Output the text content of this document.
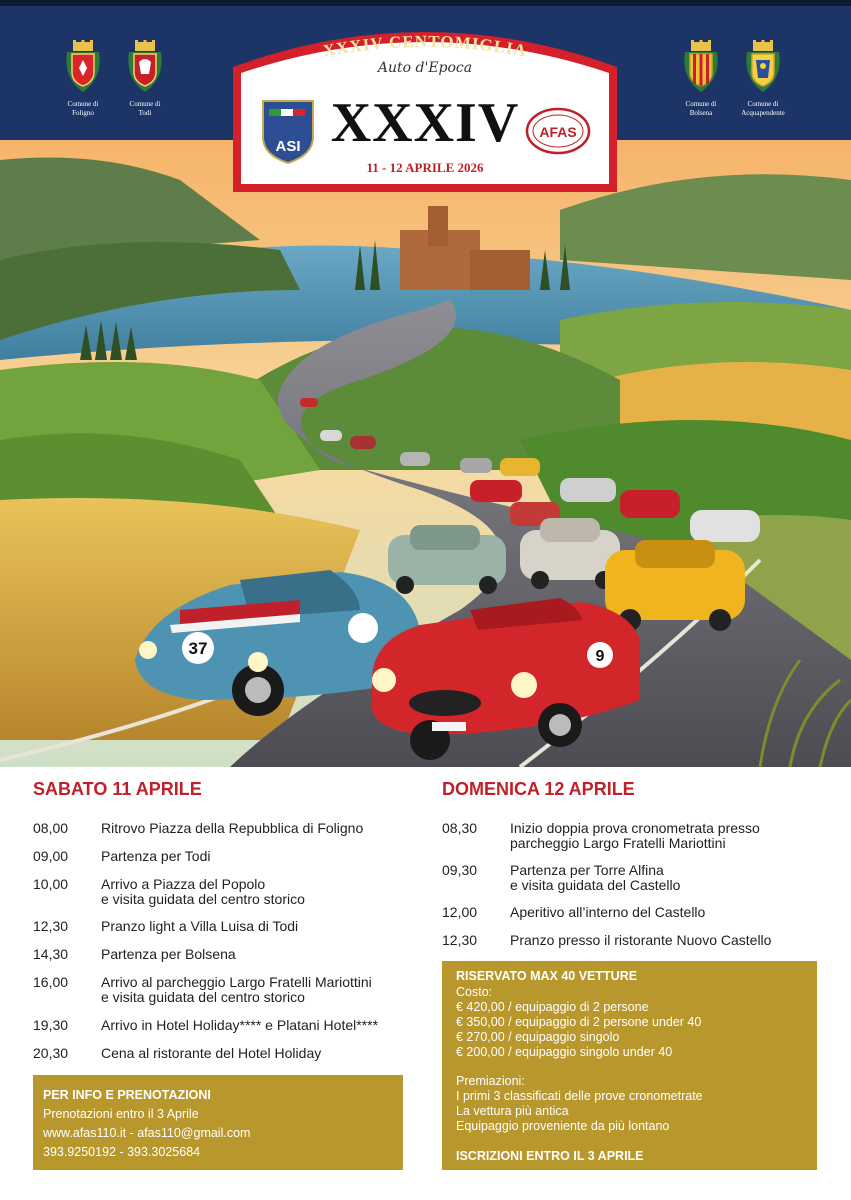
Comune di
Foligno
Comune di
Todi
Comune di
Bolsena
Comune di
Acquapendente
37	9
XXXIV CENTOMIGLIA
ASI
AFAS
Auto d'Epoca
XXXIV
11 - 12 APRILE 2026
SABATO 11 APRILE
08,00 Ritrovo Piazza della Repubblica di Foligno
09,00 Partenza per Todi
10,00 Arrivo a Piazza del Popolo
e visita guidata del centro storico
12,30 Pranzo light a Villa Luisa di Todi
14,30 Partenza per Bolsena
16,00 Arrivo al parcheggio Largo Fratelli Mariottini
e visita guidata del centro storico
19,30 Arrivo in Hotel Holiday**** e Platani Hotel****
20,30 Cena al ristorante del Hotel Holiday
DOMENICA 12 APRILE
08,30 Inizio doppia prova cronometrata presso
parcheggio Largo Fratelli Mariottini
09,30 Partenza per Torre Alfina
e visita guidata del Castello
12,00 Aperitivo all’interno del Castello
12,30 Pranzo presso il ristorante Nuovo Castello
PER INFO E PRENOTAZIONI
Prenotazioni entro il 3 Aprile
www.afas110.it - afas110@gmail.com
393.9250192 - 393.3025684
RISERVATO MAX 40 VETTURE
Costo:
€ 420,00 / equipaggio di 2 persone
€ 350,00 / equipaggio di 2 persone under 40
€ 270,00 / equipaggio singolo
€ 200,00 / equipaggio singolo under 40
Premiazioni:
I primi 3 classificati delle prove cronometrate
La vettura più antica
Equipaggio proveniente da più lontano
ISCRIZIONI ENTRO IL 3 APRILE
